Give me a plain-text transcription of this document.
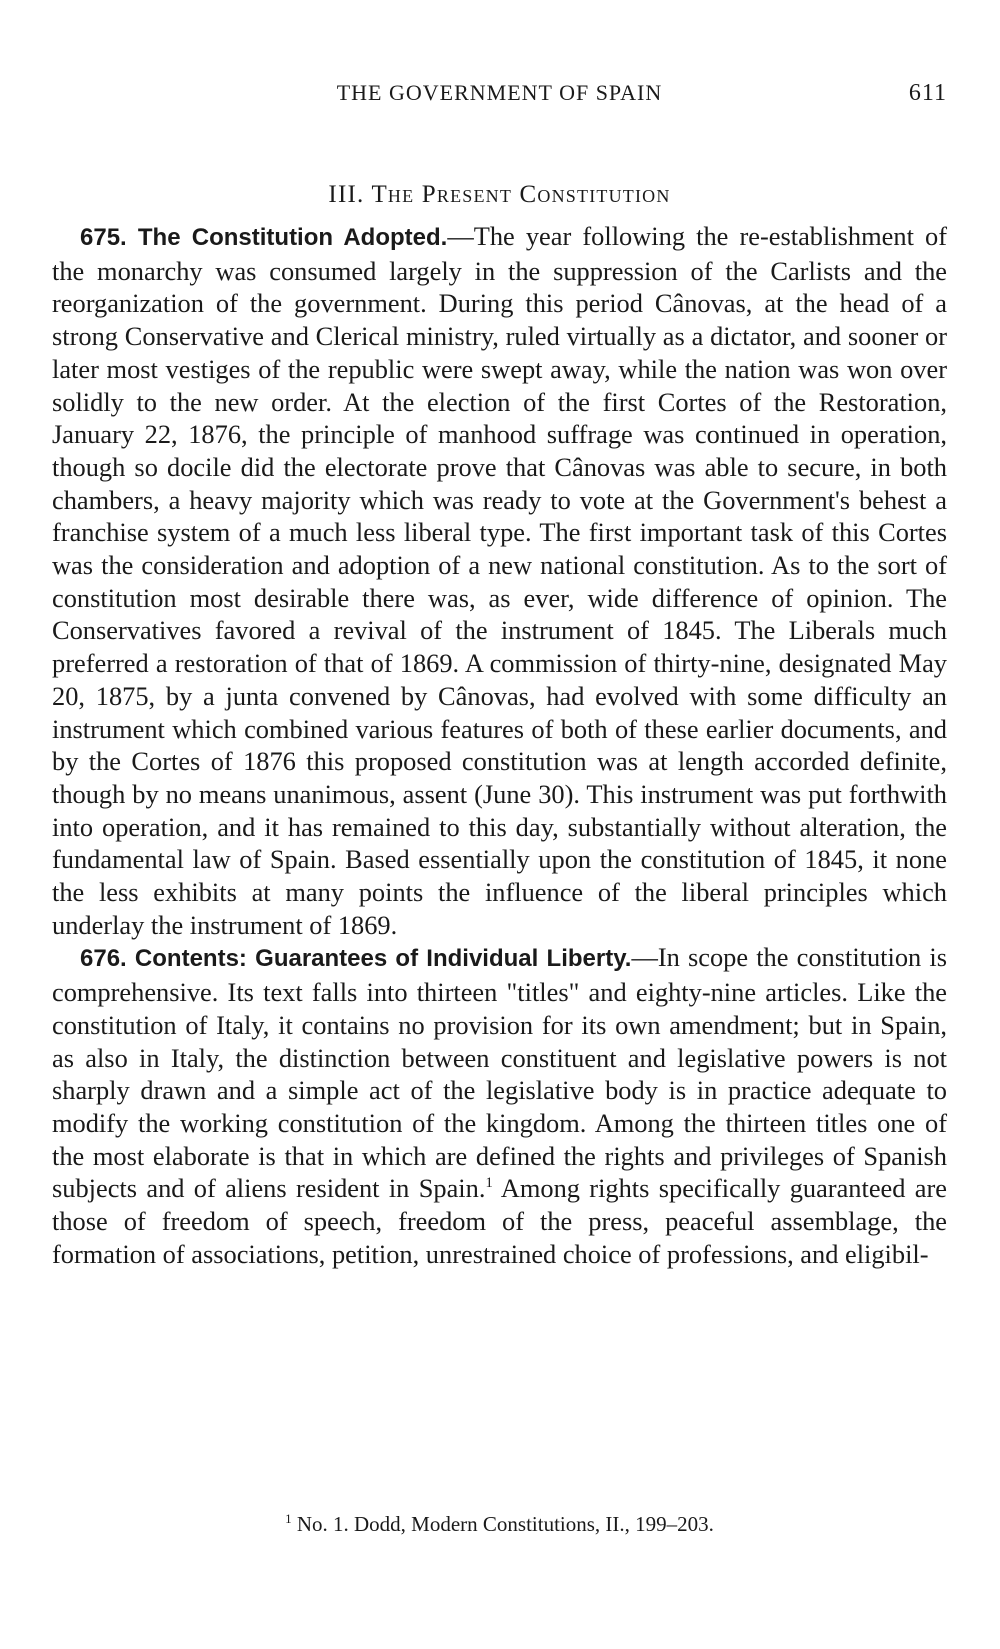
THE GOVERNMENT OF SPAIN	611
III. The Present Constitution

675. The Constitution Adopted.—The year following the re-establishment of the monarchy was consumed largely in the suppression of the Carlists and the reorganization of the government. During this period Cânovas, at the head of a strong Conservative and Clerical ministry, ruled virtually as a dictator, and sooner or later most vestiges of the republic were swept away, while the nation was won over solidly to the new order. At the election of the first Cortes of the Restoration, January 22, 1876, the principle of manhood suffrage was continued in operation, though so docile did the electorate prove that Cânovas was able to secure, in both chambers, a heavy majority which was ready to vote at the Government's behest a franchise system of a much less liberal type. The first important task of this Cortes was the consideration and adoption of a new national constitution. As to the sort of constitution most desirable there was, as ever, wide difference of opinion. The Conservatives favored a revival of the instrument of 1845. The Liberals much preferred a restoration of that of 1869. A commission of thirty-nine, designated May 20, 1875, by a junta convened by Cânovas, had evolved with some difficulty an instrument which combined various features of both of these earlier documents, and by the Cortes of 1876 this proposed constitution was at length accorded definite, though by no means unanimous, assent (June 30). This instrument was put forthwith into operation, and it has remained to this day, substantially without alteration, the fundamental law of Spain. Based essentially upon the constitution of 1845, it none the less exhibits at many points the influence of the liberal principles which underlay the instrument of 1869.

676. Contents: Guarantees of Individual Liberty.—In scope the constitution is comprehensive. Its text falls into thirteen "titles" and eighty-nine articles. Like the constitution of Italy, it contains no provision for its own amendment; but in Spain, as also in Italy, the distinction between constituent and legislative powers is not sharply drawn and a simple act of the legislative body is in practice adequate to modify the working constitution of the kingdom. Among the thirteen titles one of the most elaborate is that in which are defined the rights and privileges of Spanish subjects and of aliens resident in Spain.$^1$ Among rights specifically guaranteed are those of freedom of speech, freedom of the press, peaceful assemblage, the formation of associations, petition, unrestrained choice of professions, and eligibil-

$^1$ No. 1. Dodd, Modern Constitutions, II., 199–203.
